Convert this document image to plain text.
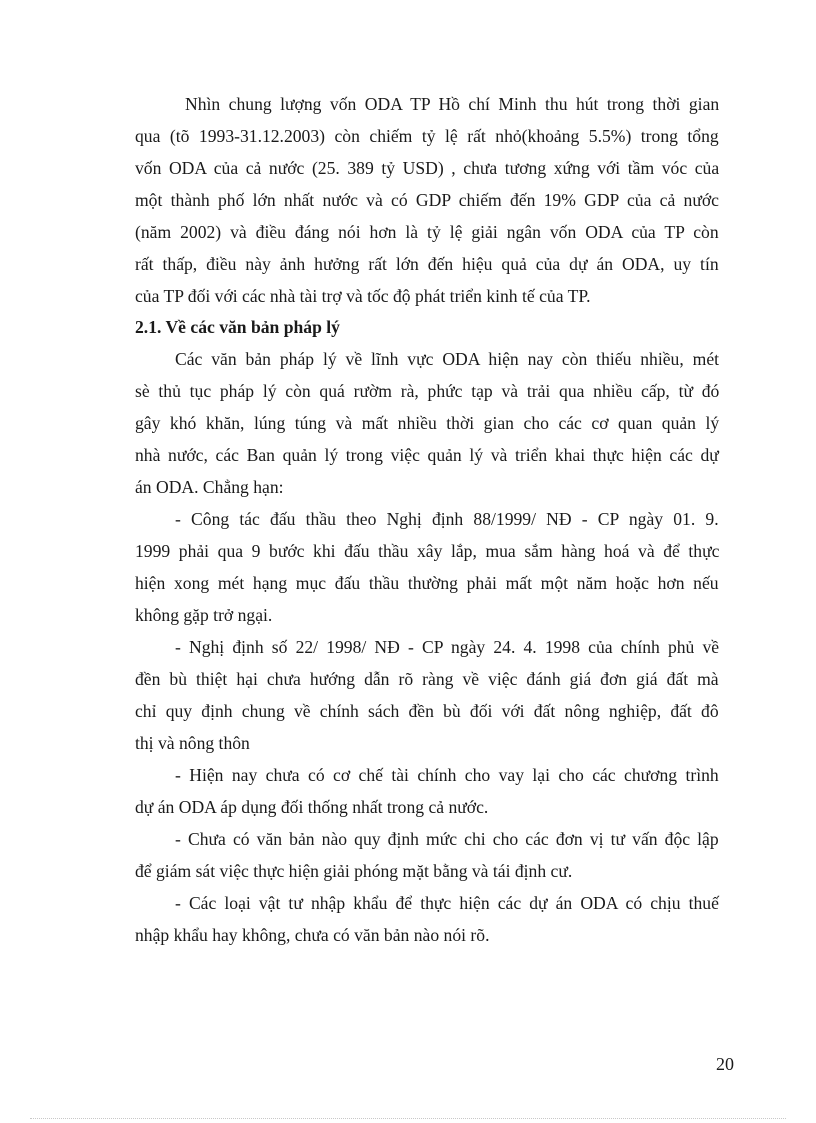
Nhìn chung lượng vốn ODA TP Hồ chí Minh thu hút trong thời gian
qua (tõ 1993-31.12.2003) còn chiếm tỷ lệ rất nhỏ(khoảng 5.5%) trong tổng
vốn ODA của cả nước (25. 389 tỷ USD) , chưa tương xứng với tầm vóc của
một thành phố lớn nhất nước và có GDP chiếm đến 19% GDP của cả nước
(năm 2002) và điều đáng nói hơn là tỷ lệ giải ngân vốn ODA của TP còn
rất thấp, điều này ảnh hưởng rất lớn đến hiệu quả của dự án ODA, uy tín
của TP đối với các nhà tài trợ và tốc độ phát triển kinh tế của TP.

2.1. Về các văn bản pháp lý

Các văn bản pháp lý về lĩnh vực ODA hiện nay còn thiếu nhiều, mét
sè thủ tục pháp lý còn quá rườm rà, phức tạp và trải qua nhiều cấp, từ đó
gây khó khăn, lúng túng và mất nhiều thời gian cho các cơ quan quản lý
nhà nước, các Ban quản lý trong việc quản lý và triển khai thực hiện các dự
án ODA. Chẳng hạn:

- Công tác đấu thầu theo Nghị định 88/1999/ NĐ - CP ngày 01. 9.
1999 phải qua 9 bước khi đấu thầu xây lắp, mua sắm hàng hoá và để thực
hiện xong mét hạng mục đấu thầu thường phải mất một năm hoặc hơn nếu
không gặp trở ngại.

- Nghị định số 22/ 1998/ NĐ - CP ngày 24. 4. 1998 của chính phủ về
đền bù thiệt hại chưa hướng dẫn rõ ràng về việc đánh giá đơn giá đất mà
chỉ quy định chung về chính sách đền bù đối với đất nông nghiệp, đất đô
thị và nông thôn

- Hiện nay chưa có cơ chế tài chính cho vay lại cho các chương trình
dự án ODA áp dụng đối thống nhất trong cả nước.

- Chưa có văn bản nào quy định mức chi cho các đơn vị tư vấn độc lập
để giám sát việc thực hiện giải phóng mặt bằng và tái định cư.

- Các loại vật tư nhập khẩu để thực hiện các dự án ODA có chịu thuế
nhập khẩu hay không, chưa có văn bản nào nói rõ.

20
